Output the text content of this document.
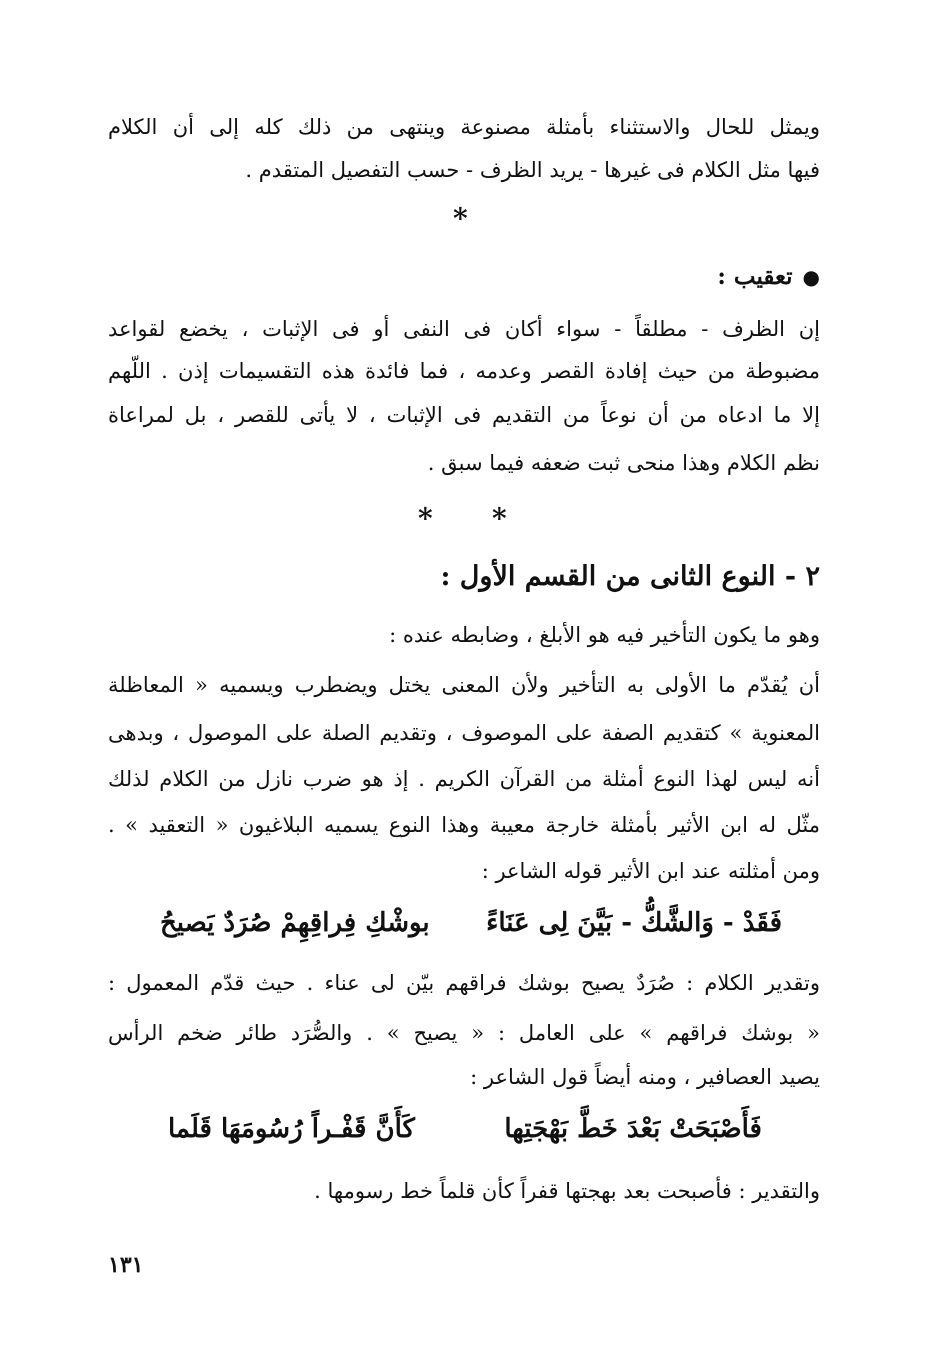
ويمثل للحال والاستثناء بأمثلة مصنوعة وينتهى من ذلك كله إلى أن الكلام
فيها مثل الكلام فى غيرها - يريد الظرف - حسب التفصيل المتقدم .
*
●تعقيب :
إن الظرف - مطلقاً - سواء أكان فى النفى أو فى الإثبات ، يخضع لقواعد
مضبوطة من حيث إفادة القصر وعدمه ، فما فائدة هذه التقسيمات إذن . اللّهم
إلا ما ادعاه من أن نوعاً من التقديم فى الإثبات ، لا يأتى للقصر ، بل لمراعاة
نظم الكلام وهذا منحى ثبت ضعفه فيما سبق .
* *
٢ - النوع الثانى من القسم الأول :
وهو ما يكون التأخير فيه هو الأبلغ ، وضابطه عنده :
أن يُقدّم ما الأولى به التأخير ولأن المعنى يختل ويضطرب ويسميه « المعاظلة
المعنوية » كتقديم الصفة على الموصوف ، وتقديم الصلة على الموصول ، وبدهى
أنه ليس لهذا النوع أمثلة من القرآن الكريم . إذ هو ضرب نازل من الكلام لذلك
مثّل له ابن الأثير بأمثلة خارجة معيبة وهذا النوع يسميه البلاغيون « التعقيد » .
ومن أمثلته عند ابن الأثير قوله الشاعر :
فَقَدْ - وَالشَّكُّ - بَيَّنَ لِى عَنَاءً
بوشْكِ فِراقِهِمْ صُرَدٌ يَصيحُ
وتقدير الكلام : صُرَدٌ يصيح بوشك فراقهم بيّن لى عناء . حيث قدّم المعمول :
« بوشك فراقهم » على العامل : « يصيح » . والصُّرَد طائر ضخم الرأس
يصيد العصافير ، ومنه أيضاً قول الشاعر :
فَأَصْبَحَتْ بَعْدَ خَطَّ بَهْجَتِها
كَأَنَّ قَفْـراً رُسُومَهَا قَلَما
والتقدير : فأصبحت بعد بهجتها قفراً كأن قلماً خط رسومها .
١٣١
